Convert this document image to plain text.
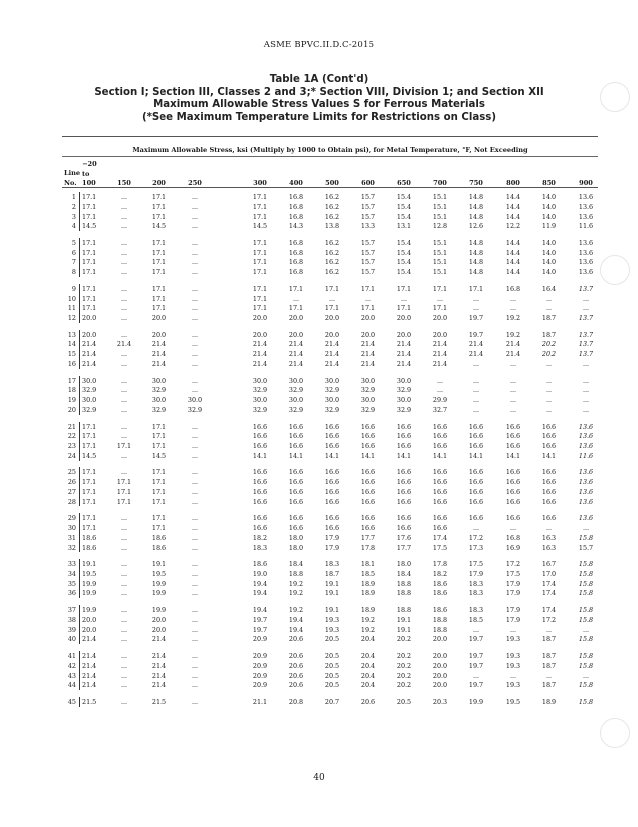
ASME BPVC.II.D.C-2015
Table 1A (Cont'd)
Section I; Section III, Classes 2 and 3;* Section VIII, Division 1; and Section XII
Maximum Allowable Stress Values S for Ferrous Materials
(*See Maximum Temperature Limits for Restrictions on Class)
Maximum Allowable Stress, ksi (Multiply by 1000 to Obtain psi), for Metal Temperature, °F, Not Exceeding
Line
No.
−20
to
100	150	200	250	300	400	500	600	650	700	750	800	850	900
1 17.1	...	17.1	...	17.1	16.8	16.2	15.7	15.4	15.1	14.8	14.4	14.0	13.6
2 17.1	...	17.1	...	17.1	16.8	16.2	15.7	15.4	15.1	14.8	14.4	14.0	13.6
3 17.1	...	17.1	...	17.1	16.8	16.2	15.7	15.4	15.1	14.8	14.4	14.0	13.6
4 14.5	...	14.5	...	14.5	14.3	13.8	13.3	13.1	12.8	12.6	12.2	11.9	11.6
5 17.1	...	17.1	...	17.1	16.8	16.2	15.7	15.4	15.1	14.8	14.4	14.0	13.6
6 17.1	...	17.1	...	17.1	16.8	16.2	15.7	15.4	15.1	14.8	14.4	14.0	13.6
7 17.1	...	17.1	...	17.1	16.8	16.2	15.7	15.4	15.1	14.8	14.4	14.0	13.6
8 17.1	...	17.1	...	17.1	16.8	16.2	15.7	15.4	15.1	14.8	14.4	14.0	13.6
9 17.1	...	17.1	...	17.1	17.1	17.1	17.1	17.1	17.1	17.1	16.8	16.4	13.7
10 17.1	...	17.1	...	17.1	...	...	...	...	...	...	...	...	...
11 17.1	...	17.1	...	17.1	17.1	17.1	17.1	17.1	17.1	...	...	...	...
12 20.0	...	20.0	...	20.0	20.0	20.0	20.0	20.0	20.0	19.7	19.2	18.7	13.7
13 20.0	...	20.0	...	20.0	20.0	20.0	20.0	20.0	20.0	19.7	19.2	18.7	13.7
14 21.4	21.4	21.4	...	21.4	21.4	21.4	21.4	21.4	21.4	21.4	21.4	20.2	13.7
15 21.4	...	21.4	...	21.4	21.4	21.4	21.4	21.4	21.4	21.4	21.4	20.2	13.7
16 21.4	...	21.4	...	21.4	21.4	21.4	21.4	21.4	21.4	...	...	...	...
17 30.0	...	30.0	...	30.0	30.0	30.0	30.0	30.0	...	...	...	...	...
18 32.9	...	32.9	...	32.9	32.9	32.9	32.9	32.9	...	...	...	...	...
19 30.0	...	30.0	30.0	30.0	30.0	30.0	30.0	30.0	29.9	...	...	...	...
20 32.9	...	32.9	32.9	32.9	32.9	32.9	32.9	32.9	32.7	...	...	...	...
21 17.1	...	17.1	...	16.6	16.6	16.6	16.6	16.6	16.6	16.6	16.6	16.6	13.6
22 17.1	...	17.1	...	16.6	16.6	16.6	16.6	16.6	16.6	16.6	16.6	16.6	13.6
23 17.1	17.1	17.1	...	16.6	16.6	16.6	16.6	16.6	16.6	16.6	16.6	16.6	13.6
24 14.5	...	14.5	...	14.1	14.1	14.1	14.1	14.1	14.1	14.1	14.1	14.1	11.6
25 17.1	...	17.1	...	16.6	16.6	16.6	16.6	16.6	16.6	16.6	16.6	16.6	13.6
26 17.1	17.1	17.1	...	16.6	16.6	16.6	16.6	16.6	16.6	16.6	16.6	16.6	13.6
27 17.1	17.1	17.1	...	16.6	16.6	16.6	16.6	16.6	16.6	16.6	16.6	16.6	13.6
28 17.1	17.1	17.1	...	16.6	16.6	16.6	16.6	16.6	16.6	16.6	16.6	16.6	13.6
29 17.1	...	17.1	...	16.6	16.6	16.6	16.6	16.6	16.6	16.6	16.6	16.6	13.6
30 17.1	...	17.1	...	16.6	16.6	16.6	16.6	16.6	16.6	...	...	...	...
31 18.6	...	18.6	...	18.2	18.0	17.9	17.7	17.6	17.4	17.2	16.8	16.3	15.8
32 18.6	...	18.6	...	18.3	18.0	17.9	17.8	17.7	17.5	17.3	16.9	16.3	15.7
33 19.1	...	19.1	...	18.6	18.4	18.3	18.1	18.0	17.8	17.5	17.2	16.7	15.8
34 19.5	...	19.5	...	19.0	18.8	18.7	18.5	18.4	18.2	17.9	17.5	17.0	15.8
35 19.9	...	19.9	...	19.4	19.2	19.1	18.9	18.8	18.6	18.3	17.9	17.4	15.8
36 19.9	...	19.9	...	19.4	19.2	19.1	18.9	18.8	18.6	18.3	17.9	17.4	15.8
37 19.9	...	19.9	...	19.4	19.2	19.1	18.9	18.8	18.6	18.3	17.9	17.4	15.8
38 20.0	...	20.0	...	19.7	19.4	19.3	19.2	19.1	18.8	18.5	17.9	17.2	15.8
39 20.0	...	20.0	...	19.7	19.4	19.3	19.2	19.1	18.8	...	...	...	...
40 21.4	...	21.4	...	20.9	20.6	20.5	20.4	20.2	20.0	19.7	19.3	18.7	15.8
41 21.4	...	21.4	...	20.9	20.6	20.5	20.4	20.2	20.0	19.7	19.3	18.7	15.8
42 21.4	...	21.4	...	20.9	20.6	20.5	20.4	20.2	20.0	19.7	19.3	18.7	15.8
43 21.4	...	21.4	...	20.9	20.6	20.5	20.4	20.2	20.0	...	...	...	...
44 21.4	...	21.4	...	20.9	20.6	20.5	20.4	20.2	20.0	19.7	19.3	18.7	15.8
45 21.5	...	21.5	...	21.1	20.8	20.7	20.6	20.5	20.3	19.9	19.5	18.9	15.8
40
